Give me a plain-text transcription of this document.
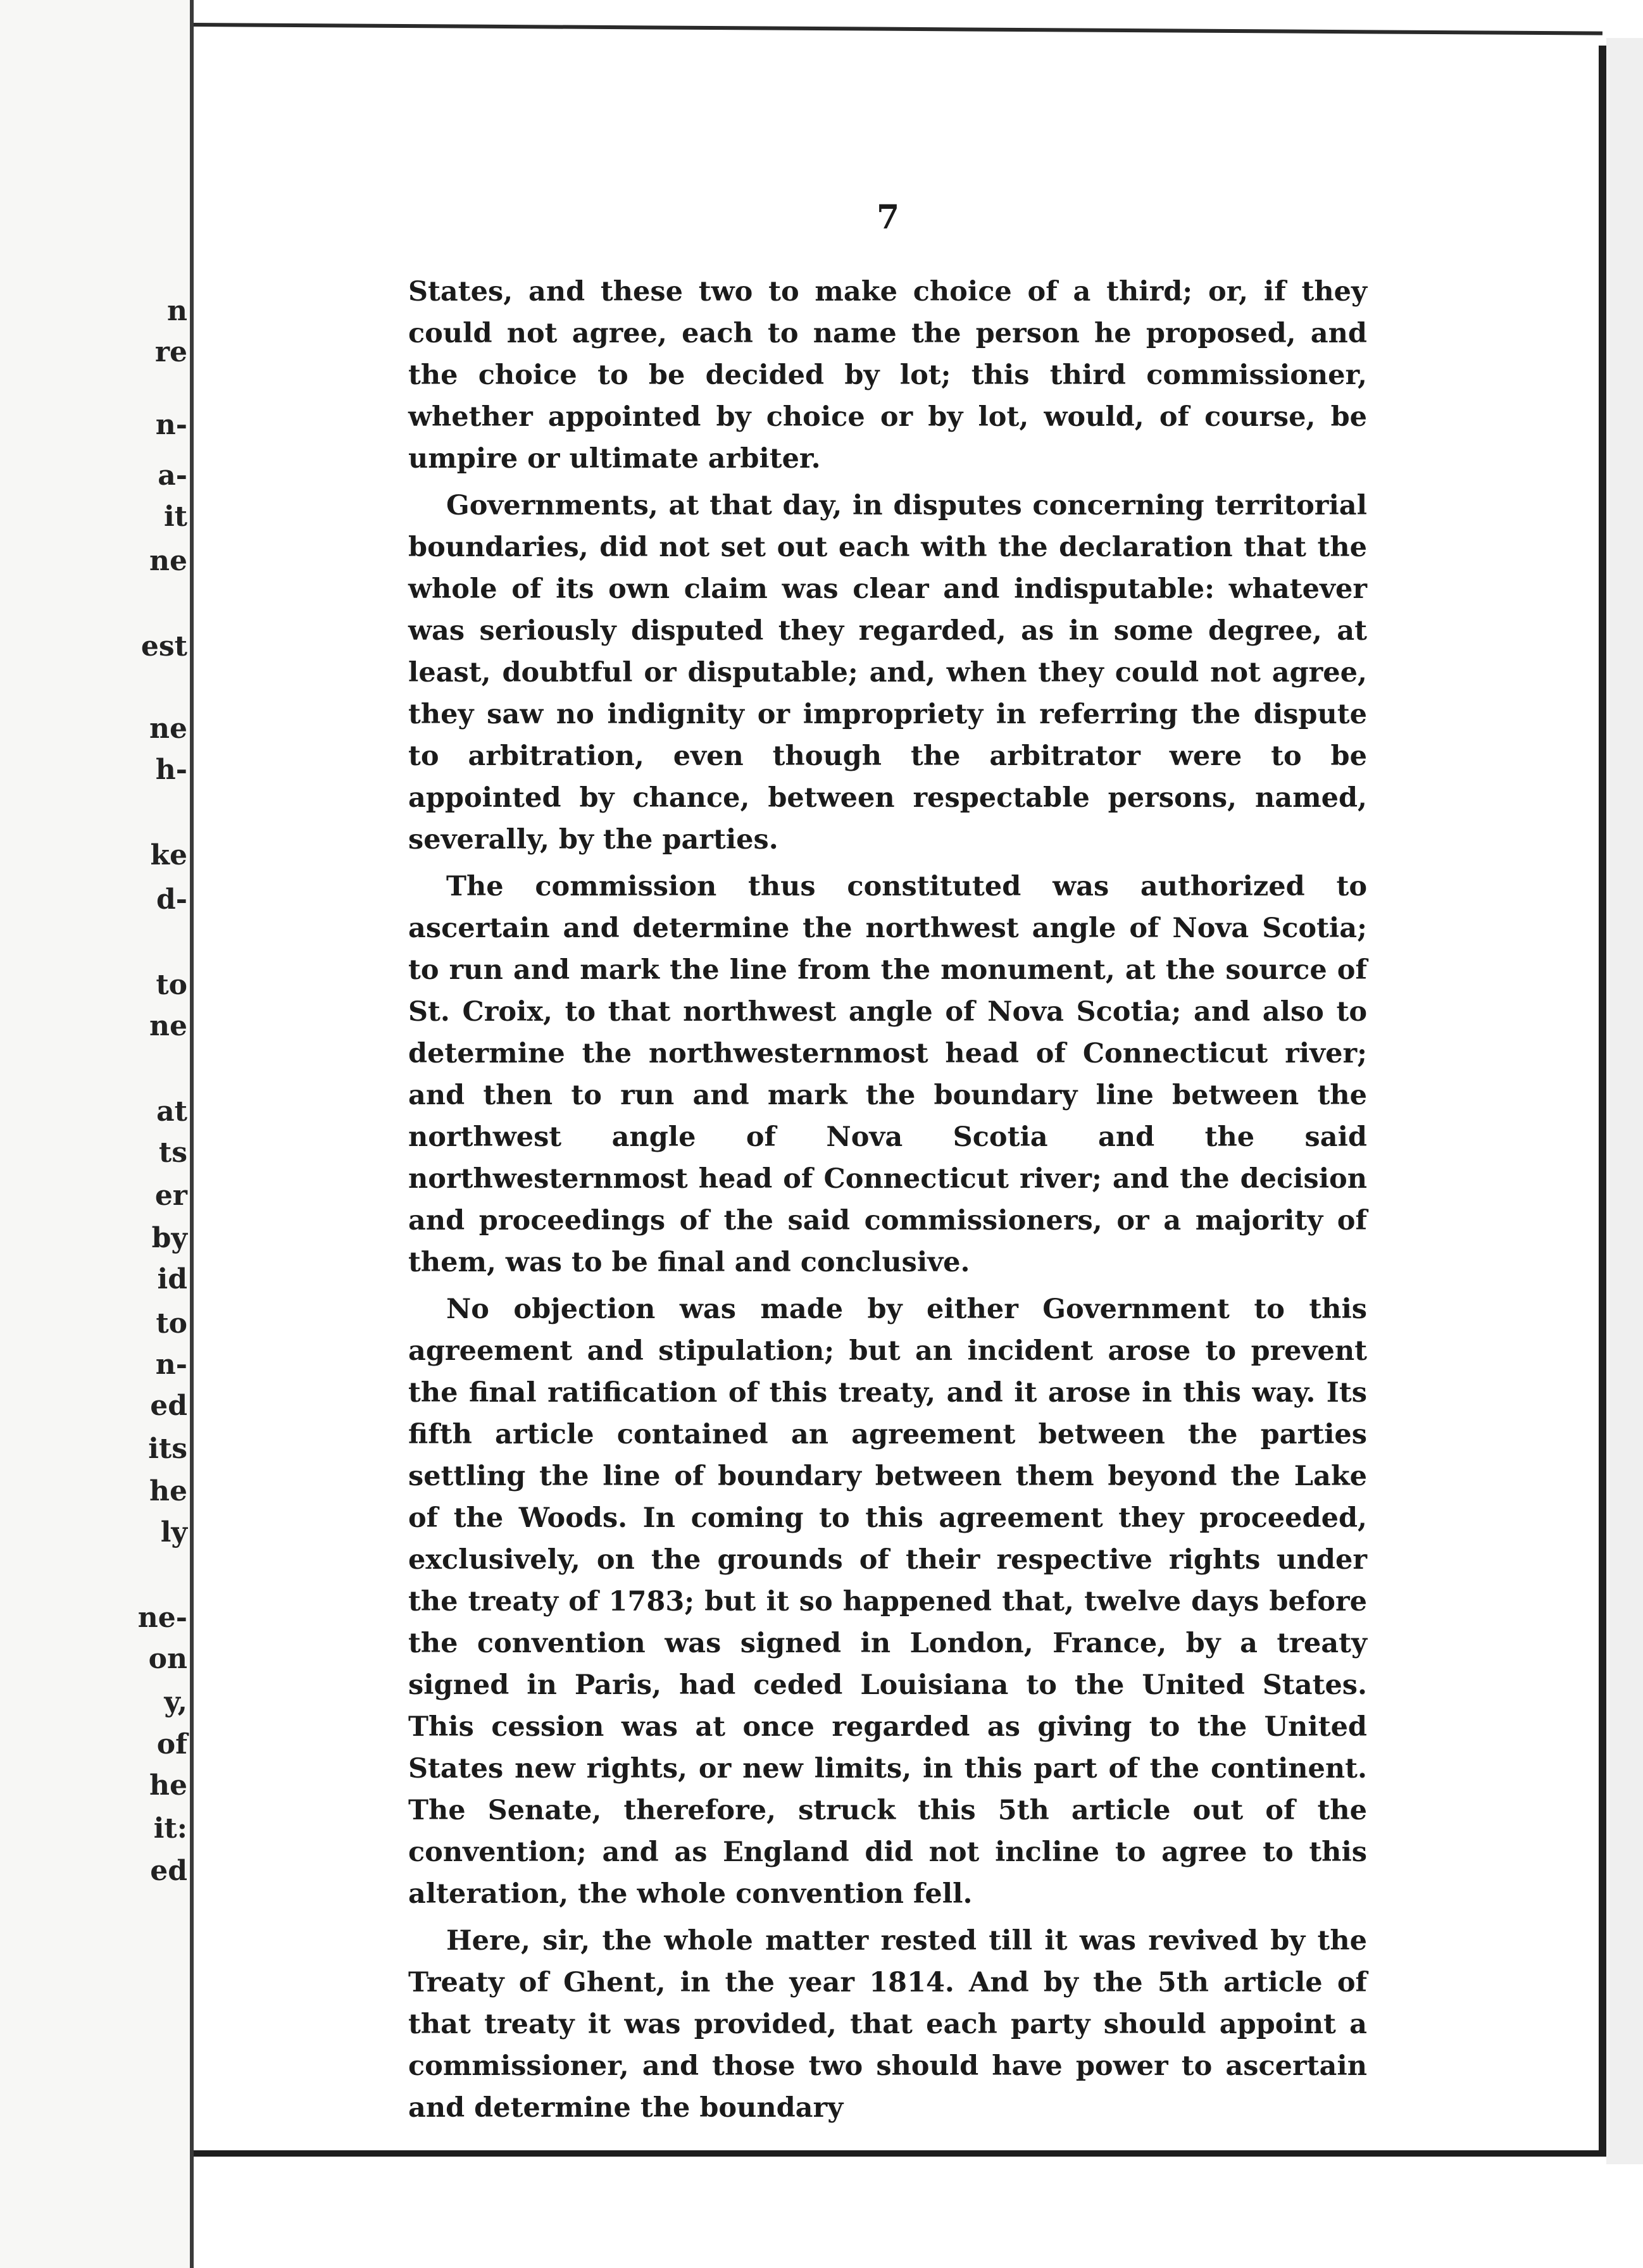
n
re
n-
a-
it
ne
est
ne
h-
ke
d-
to
ne
at
ts
er
by
id
to
n-
ed
its
he
ly
ne-
on
y,
of
he
it:
ed
7

States, and these two to make choice of a third; or, if they could not agree, each to name the person he proposed, and the choice to be decided by lot; this third commissioner, whether appointed by choice or by lot, would, of course, be umpire or ultimate arbiter.

Governments, at that day, in disputes concerning territorial boundaries, did not set out each with the declaration that the whole of its own claim was clear and indisputable: whatever was seriously disputed they regarded, as in some degree, at least, doubtful or disputable; and, when they could not agree, they saw no indignity or impropriety in referring the dispute to arbitration, even though the arbitrator were to be appointed by chance, between respectable persons, named, severally, by the parties.

The commission thus constituted was authorized to ascertain and determine the northwest angle of Nova Scotia; to run and mark the line from the monument, at the source of St. Croix, to that northwest angle of Nova Scotia; and also to determine the northwesternmost head of Connecticut river; and then to run and mark the boundary line between the northwest angle of Nova Scotia and the said northwesternmost head of Connecticut river; and the decision and proceedings of the said commissioners, or a majority of them, was to be final and conclusive.

No objection was made by either Government to this agreement and stipulation; but an incident arose to prevent the final ratification of this treaty, and it arose in this way. Its fifth article contained an agreement between the parties settling the line of boundary between them beyond the Lake of the Woods. In coming to this agreement they proceeded, exclusively, on the grounds of their respective rights under the treaty of 1783; but it so happened that, twelve days before the convention was signed in London, France, by a treaty signed in Paris, had ceded Louisiana to the United States. This cession was at once regarded as giving to the United States new rights, or new limits, in this part of the continent. The Senate, therefore, struck this 5th article out of the convention; and as England did not incline to agree to this alteration, the whole convention fell.

Here, sir, the whole matter rested till it was revived by the Treaty of Ghent, in the year 1814. And by the 5th article of that treaty it was provided, that each party should appoint a commissioner, and those two should have power to ascertain and determine the boundary
